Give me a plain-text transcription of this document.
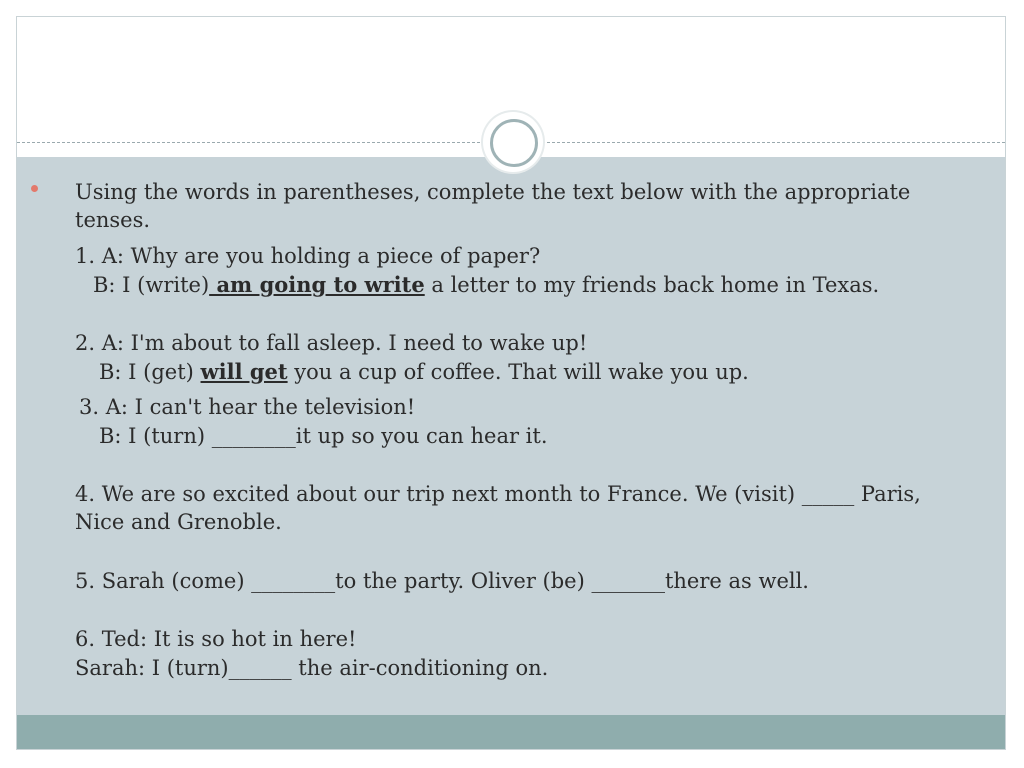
Using the words in parentheses, complete the text below with the appropriate

tenses.

1. A: Why are you holding a piece of paper?

B: I (write) am going to write a letter to my friends back home in Texas.

2. A: I'm about to fall asleep. I need to wake up!

B: I (get) will get you a cup of coffee. That will wake you up.

3. A: I can't hear the television!

B: I (turn) ________it up so you can hear it.

4. We are so excited about our trip next month to France. We (visit) _____ Paris,

Nice and Grenoble.

5. Sarah (come) ________to the party. Oliver (be) _______there as well.

6. Ted: It is so hot in here!

Sarah: I (turn)______ the air-conditioning on.
